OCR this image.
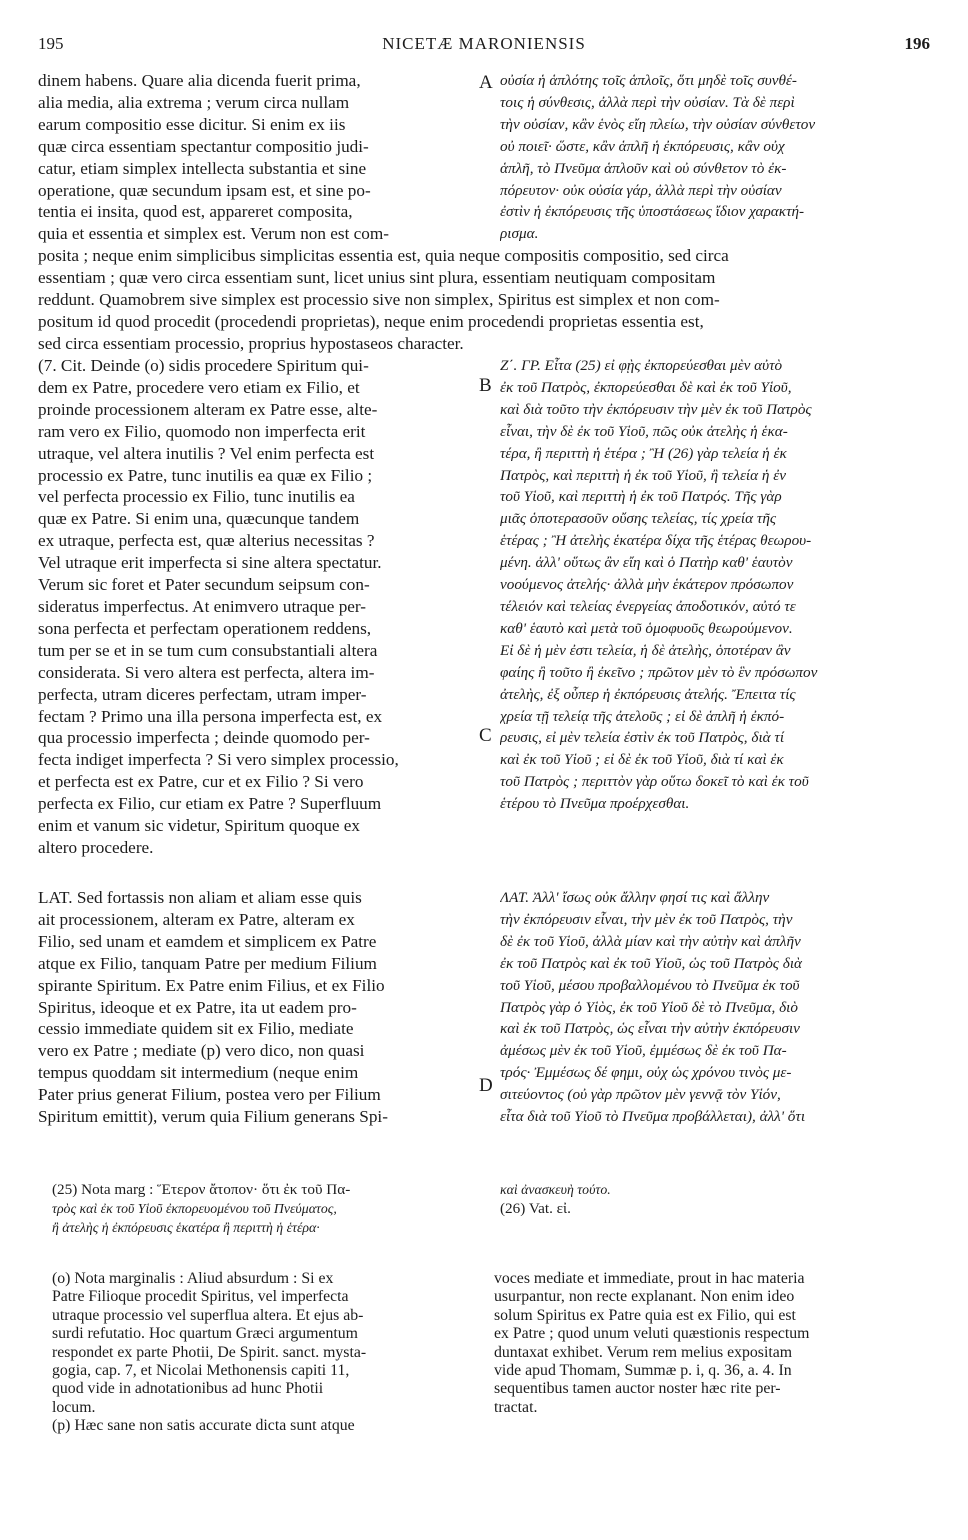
195	NICETÆ MARONIENSIS	196
A
B
C
D
dinem habens. Quare alia dicenda fuerit prima,
alia media, alia extrema ; verum circa nullam
earum compositio esse dicitur. Si enim ex iis
quæ circa essentiam spectantur compositio judi-
catur, etiam simplex intellecta substantia et sine
operatione, quæ secundum ipsam est, et sine po-
tentia ei insita, quod est, appareret composita,
quia et essentia et simplex est. Verum non est com-
οὐσία ἡ ἁπλότης τοῖς ἁπλοῖς, ὅτι μηδὲ τοῖς συνθέ-
τοις ἡ σύνθεσις, ἀλλὰ περὶ τὴν οὐσίαν. Τὰ δὲ περὶ
τὴν οὐσίαν, κἂν ἑνὸς εἴη πλείω, τὴν οὐσίαν σύνθετον
οὐ ποιεῖ· ὥστε, κἂν ἁπλῆ ἡ ἐκπόρευσις, κἂν οὐχ
ἁπλῆ, τὸ Πνεῦμα ἁπλοῦν καὶ οὐ σύνθετον τὸ ἐκ-
πόρευτον· οὐκ οὐσία γάρ, ἀλλὰ περὶ τὴν οὐσίαν
ἐστὶν ἡ ἐκπόρευσις τῆς ὑποστάσεως ἴδιον χαρακτή-
ρισμα.
posita ; neque enim simplicibus simplicitas essentia est, quia neque compositis compositio, sed circa
essentiam ; quæ vero circa essentiam sunt, licet unius sint plura, essentiam neutiquam compositam
reddunt. Quamobrem sive simplex est processio sive non simplex, Spiritus est simplex et non com-
positum id quod procedit (procedendi proprietas), neque enim procedendi proprietas essentia est,
sed circa essentiam processio, proprius hypostaseos character.
(7. Cit. Deinde (o) sidis procedere Spiritum qui-
dem ex Patre, procedere vero etiam ex Filio, et
proinde processionem alteram ex Patre esse, alte-
ram vero ex Filio, quomodo non imperfecta erit
utraque, vel altera inutilis ? Vel enim perfecta est
processio ex Patre, tunc inutilis ea quæ ex Filio ;
vel perfecta processio ex Filio, tunc inutilis ea
quæ ex Patre. Si enim una, quæcunque tandem
ex utraque, perfecta est, quæ alterius necessitas ?
Vel utraque erit imperfecta si sine altera spectatur.
Verum sic foret et Pater secundum seipsum con-
sideratus imperfectus. At enimvero utraque per-
sona perfecta et perfectam operationem reddens,
tum per se et in se tum cum consubstantiali altera
considerata. Si vero altera est perfecta, altera im-
perfecta, utram diceres perfectam, utram imper-
fectam ? Primo una illa persona imperfecta est, ex
qua processio imperfecta ; deinde quomodo per-
fecta indiget imperfecta ? Si vero simplex processio,
et perfecta est ex Patre, cur et ex Filio ? Si vero
perfecta ex Filio, cur etiam ex Patre ? Superfluum
enim et vanum sic videtur, Spiritum quoque ex
altero procedere.
Ζ΄. ΓΡ. Εἶτα (25) εἰ φῂς ἐκπορεύεσθαι μὲν αὐτὸ
ἐκ τοῦ Πατρὸς, ἐκπορεύεσθαι δὲ καὶ ἐκ τοῦ Υἱοῦ,
καὶ διὰ τοῦτο τὴν ἐκπόρευσιν τὴν μὲν ἐκ τοῦ Πατρὸς
εἶναι, τὴν δὲ ἐκ τοῦ Υἱοῦ, πῶς οὐκ ἀτελὴς ἡ ἑκα-
τέρα, ἢ περιττὴ ἡ ἑτέρα ; Ἢ (26) γὰρ τελεία ἡ ἐκ
Πατρὸς, καὶ περιττὴ ἡ ἐκ τοῦ Υἱοῦ, ἢ τελεία ἡ ἐν
τοῦ Υἱοῦ, καὶ περιττὴ ἡ ἐκ τοῦ Πατρός. Τῆς γὰρ
μιᾶς ὁποτερασοῦν οὔσης τελείας, τίς χρεία τῆς
ἑτέρας ; Ἢ ἀτελὴς ἑκατέρα δίχα τῆς ἑτέρας θεωρου-
μένη. ἀλλ' οὕτως ἂν εἴη καὶ ὁ Πατὴρ καθ' ἑαυτὸν
νοούμενος ἀτελής· ἀλλὰ μὴν ἑκάτερον πρόσωπον
τέλειόν καὶ τελείας ἐνεργείας ἀποδοτικόν, αὐτό τε
καθ' ἑαυτὸ καὶ μετὰ τοῦ ὁμοφυοῦς θεωρούμενον.
Εἰ δὲ ἡ μὲν ἐστι τελεία, ἡ δὲ ἀτελὴς, ὁποτέραν ἂν
φαίης ἢ τοῦτο ἢ ἐκεῖνο ; πρῶτον μὲν τὸ ἓν πρόσωπον
ἀτελὴς, ἐξ οὗπερ ἡ ἐκπόρευσις ἀτελής. Ἔπειτα τίς
χρεία τῇ τελείᾳ τῆς ἀτελοῦς ; εἰ δὲ ἁπλῆ ἡ ἐκπό-
ρευσις, εἰ μὲν τελεία ἐστὶν ἐκ τοῦ Πατρὸς, διὰ τί
καὶ ἐκ τοῦ Υἱοῦ ; εἰ δὲ ἐκ τοῦ Υἱοῦ, διὰ τί καὶ ἐκ
τοῦ Πατρὸς ; περιττὸν γὰρ οὕτω δοκεῖ τὸ καὶ ἐκ τοῦ
ἑτέρου τὸ Πνεῦμα προέρχεσθαι.
LAT. Sed fortassis non aliam et aliam esse quis
ait processionem, alteram ex Patre, alteram ex
Filio, sed unam et eamdem et simplicem ex Patre
atque ex Filio, tanquam Patre per medium Filium
spirante Spiritum. Ex Patre enim Filius, et ex Filio
Spiritus, ideoque et ex Patre, ita ut eadem pro-
cessio immediate quidem sit ex Filio, mediate
vero ex Patre ; mediate (p) vero dico, non quasi
tempus quoddam sit intermedium (neque enim
Pater prius generat Filium, postea vero per Filium
Spiritum emittit), verum quia Filium generans Spi-
ΛΑΤ. Ἀλλ' ἴσως οὐκ ἄλλην φησί τις καὶ ἄλλην
τὴν ἐκπόρευσιν εἶναι, τὴν μὲν ἐκ τοῦ Πατρὸς, τὴν
δὲ ἐκ τοῦ Υἱοῦ, ἀλλὰ μίαν καὶ τὴν αὐτὴν καὶ ἁπλῆν
ἐκ τοῦ Πατρὸς καὶ ἐκ τοῦ Υἱοῦ, ὡς τοῦ Πατρὸς διὰ
τοῦ Υἱοῦ, μέσου προβαλλομένου τὸ Πνεῦμα ἐκ τοῦ
Πατρὸς γὰρ ὁ Υἱὸς, ἐκ τοῦ Υἱοῦ δὲ τὸ Πνεῦμα, διὸ
καὶ ἐκ τοῦ Πατρὸς, ὡς εἶναι τὴν αὐτὴν ἐκπόρευσιν
ἀμέσως μὲν ἐκ τοῦ Υἱοῦ, ἐμμέσως δὲ ἐκ τοῦ Πα-
τρός· Ἐμμέσως δέ φημι, οὐχ ὡς χρόνου τινὸς με-
σιτεύοντος (οὐ γὰρ πρῶτον μὲν γεννᾷ τὸν Υἱόν,
εἶτα διὰ τοῦ Υἱοῦ τὸ Πνεῦμα προβάλλεται), ἀλλ' ὅτι
(25) Nota marg : Ἕτερον ἄτοπον· ὅτι ἐκ τοῦ Πα-
τρὸς καὶ ἐκ τοῦ Υἱοῦ ἐκπορευομένου τοῦ Πνεύματος,
ἢ ἀτελὴς ἡ ἐκπόρευσις ἑκατέρα ἢ περιττὴ ἡ ἑτέρα·
καὶ ἀνασκευὴ τούτο.
(26) Vat. εἰ.
(o) Nota marginalis : Aliud absurdum : Si ex
Patre Filioque procedit Spiritus, vel imperfecta
utraque processio vel superflua altera. Et ejus ab-
surdi refutatio. Hoc quartum Græci argumentum
respondet ex parte Photii, De Spirit. sanct. mysta-
gogia, cap. 7, et Nicolai Methonensis capiti 11,
quod vide in adnotationibus ad hunc Photii
locum.
(p) Hæc sane non satis accurate dicta sunt atque
voces mediate et immediate, prout in hac materia
usurpantur, non recte explanant. Non enim ideo
solum Spiritus ex Patre quia est ex Filio, qui est
ex Patre ; quod unum veluti quæstionis respectum
duntaxat exhibet. Verum rem melius expositam
vide apud Thomam, Summæ p. i, q. 36, a. 4. In
sequentibus tamen auctor noster hæc rite per-
tractat.
